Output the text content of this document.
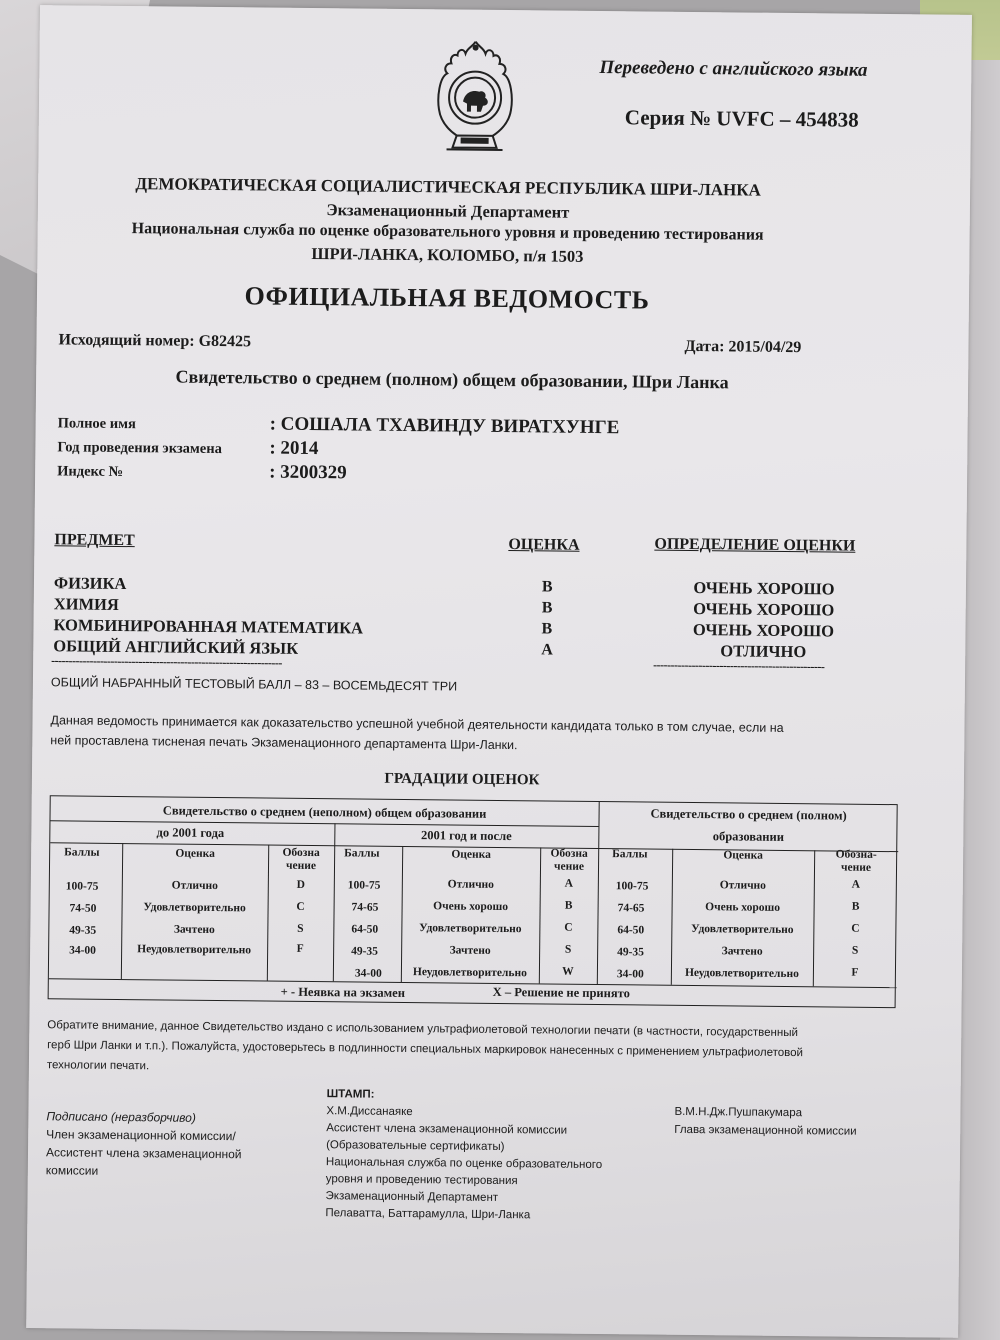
Переведено с английского языка
Серия № UVFC – 454838
ДЕМОКРАТИЧЕСКАЯ СОЦИАЛИСТИЧЕСКАЯ РЕСПУБЛИКА ШРИ-ЛАНКА
Экзаменационный Департамент
Национальная служба по оценке образовательного уровня и проведению тестирования
ШРИ-ЛАНКА, КОЛОМБО, п/я 1503
ОФИЦИАЛЬНАЯ ВЕДОМОСТЬ
Исходящий номер: G82425	Дата: 2015/04/29
Свидетельство о среднем (полном) общем образовании, Шри Ланка
Полное имя	: СОШАЛА ТХАВИНДУ ВИРАТХУНГЕ
Год проведения экзамена : 2014
Индекс №	: 3200329
ПРЕДМЕТ	ОЦЕНКА	ОПРЕДЕЛЕНИЕ ОЦЕНКИ
ФИЗИКА	B	ОЧЕНЬ ХОРОШО
ХИМИЯ	B	ОЧЕНЬ ХОРОШО
КОМБИНИРОВАННАЯ МАТЕМАТИКА	B	ОЧЕНЬ ХОРОШО
ОБЩИЙ АНГЛИЙСКИЙ ЯЗЫК	A	ОТЛИЧНО
------------------------------------------------------------------	-------------------------------------------------
ОБЩИЙ НАБРАННЫЙ ТЕСТОВЫЙ БАЛЛ – 83 – ВОСЕМЬДЕСЯТ ТРИ
Данная ведомость принимается как доказательство успешной учебной деятельности кандидата только в том случае, если на
ней проставлена тисненая печать Экзаменационного департамента Шри-Ланки.
ГРАДАЦИИ ОЦЕНОК
Свидетельство о среднем (неполном) общем образовании
до 2001 года	2001 год и после
Свидетельство о среднем (полном)
образовании
Баллы	Оценка	Обозна
чение
Баллы	Оценка	Обозна
чение
Баллы	Оценка	Обозна-
чение
100-75	Отлично	D
74-50	Удовлетворительно	C
49-35	Зачтено	S
34-00	Неудовлетворительно	F
100-75	Отлично	A
74-65	Очень хорошо	B
64-50	Удовлетворительно	C
49-35	Зачтено	S
34-00	Неудовлетворительно	W
100-75	Отлично	A
74-65	Очень хорошо	B
64-50	Удовлетворительно	C
49-35	Зачтено	S
34-00	Неудовлетворительно	F
+ - Неявка на экзамен	X – Решение не принято
Обратите внимание, данное Свидетельство издано с использованием ультрафиолетовой технологии печати (в частности, государственный
герб Шри Ланки и т.п.). Пожалуйста, удостоверьтесь в подлинности специальных маркировок нанесенных с применением ультрафиолетовой
технологии печати.
Подписано (неразборчиво)
Член экзаменационной комиссии/
Ассистент члена экзаменационной
комиссии
ШТАМП:
Х.М.Диссанаяке
Ассистент члена экзаменационной комиссии
(Образовательные сертификаты)
Национальная служба по оценке образовательного
уровня и проведению тестирования
Экзаменационный Департамент
Пелаватта, Баттарамулла, Шри-Ланка
В.М.Н.Дж.Пушпакумара
Глава экзаменационной комиссии
